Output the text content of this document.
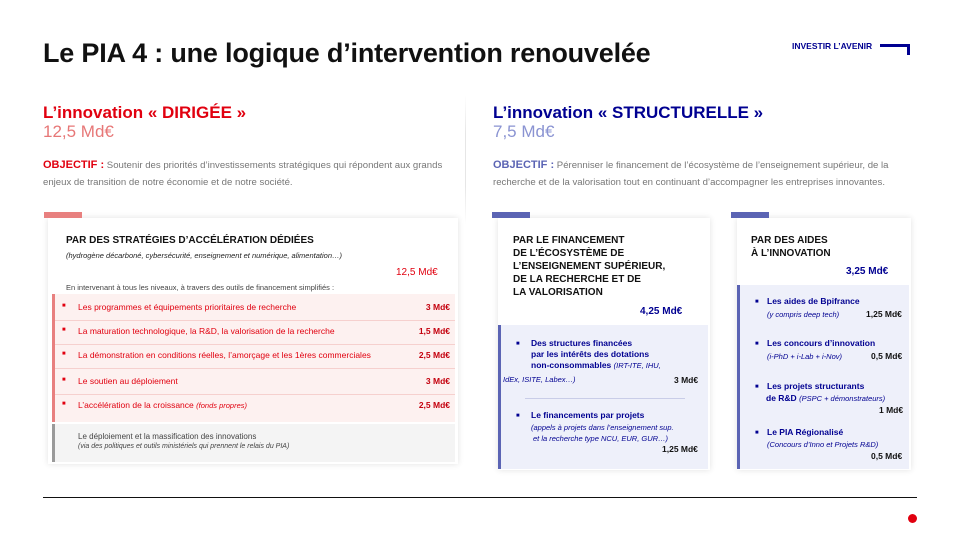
Le PIA 4 : une logique d’intervention renouvelée	INVESTIR L’AVENIR
L’innovation « DIRIGÉE »
12,5 Md€
OBJECTIF : Soutenir des priorités d’investissements stratégiques qui répondent aux grands enjeux de transition de notre économie et de notre société.
L’innovation « STRUCTURELLE »
7,5 Md€
OBJECTIF : Pérenniser le financement de l’écosystème de l’enseignement supérieur, de la recherche et de la valorisation tout en continuant d’accompagner les entreprises innovantes.
PAR DES STRATÉGIES D’ACCÉLÉRATION DÉDIÉES
(hydrogène décarboné, cybersécurité, enseignement et numérique, alimentation…)
12,5 Md€
En intervenant à tous les niveaux, à travers des outils de financement simplifiés :
■ Les programmes et équipements prioritaires de recherche	3 Md€
■ La maturation technologique, la R&D, la valorisation de la recherche	1,5 Md€
■ La démonstration en conditions réelles, l’amorçage et les 1ères commerciales	2,5 Md€
■ Le soutien au déploiement	3 Md€
■ L’accélération de la croissance (fonds propres)	2,5 Md€
Le déploiement et la massification des innovations
(via des politiques et outils ministériels qui prennent le relais du PIA)
PAR LE FINANCEMENT
DE L’ÉCOSYSTÈME DE
L’ENSEIGNEMENT SUPÉRIEUR,
DE LA RECHERCHE ET DE
LA VALORISATION
4,25 Md€
■ Des structures financées
par les intérêts des dotations
non-consommables (IRT-ITE, IHU,
IdEx, ISITE, Labex…)	3 Md€
■ Le financements par projets
(appels à projets dans l’enseignement sup.
et la recherche type NCU, EUR, GUR…)
1,25 Md€
PAR DES AIDES
À L’INNOVATION
3,25 Md€
■ Les aides de Bpifrance
(y compris deep tech)	1,25 Md€
■ Les concours d’innovation
(i-PhD + i-Lab + i-Nov)	0,5 Md€
■ Les projets structurants
de R&D (PSPC + démonstrateurs)
1 Md€
■ Le PIA Régionalisé
(Concours d’Inno et Projets R&D)
0,5 Md€
